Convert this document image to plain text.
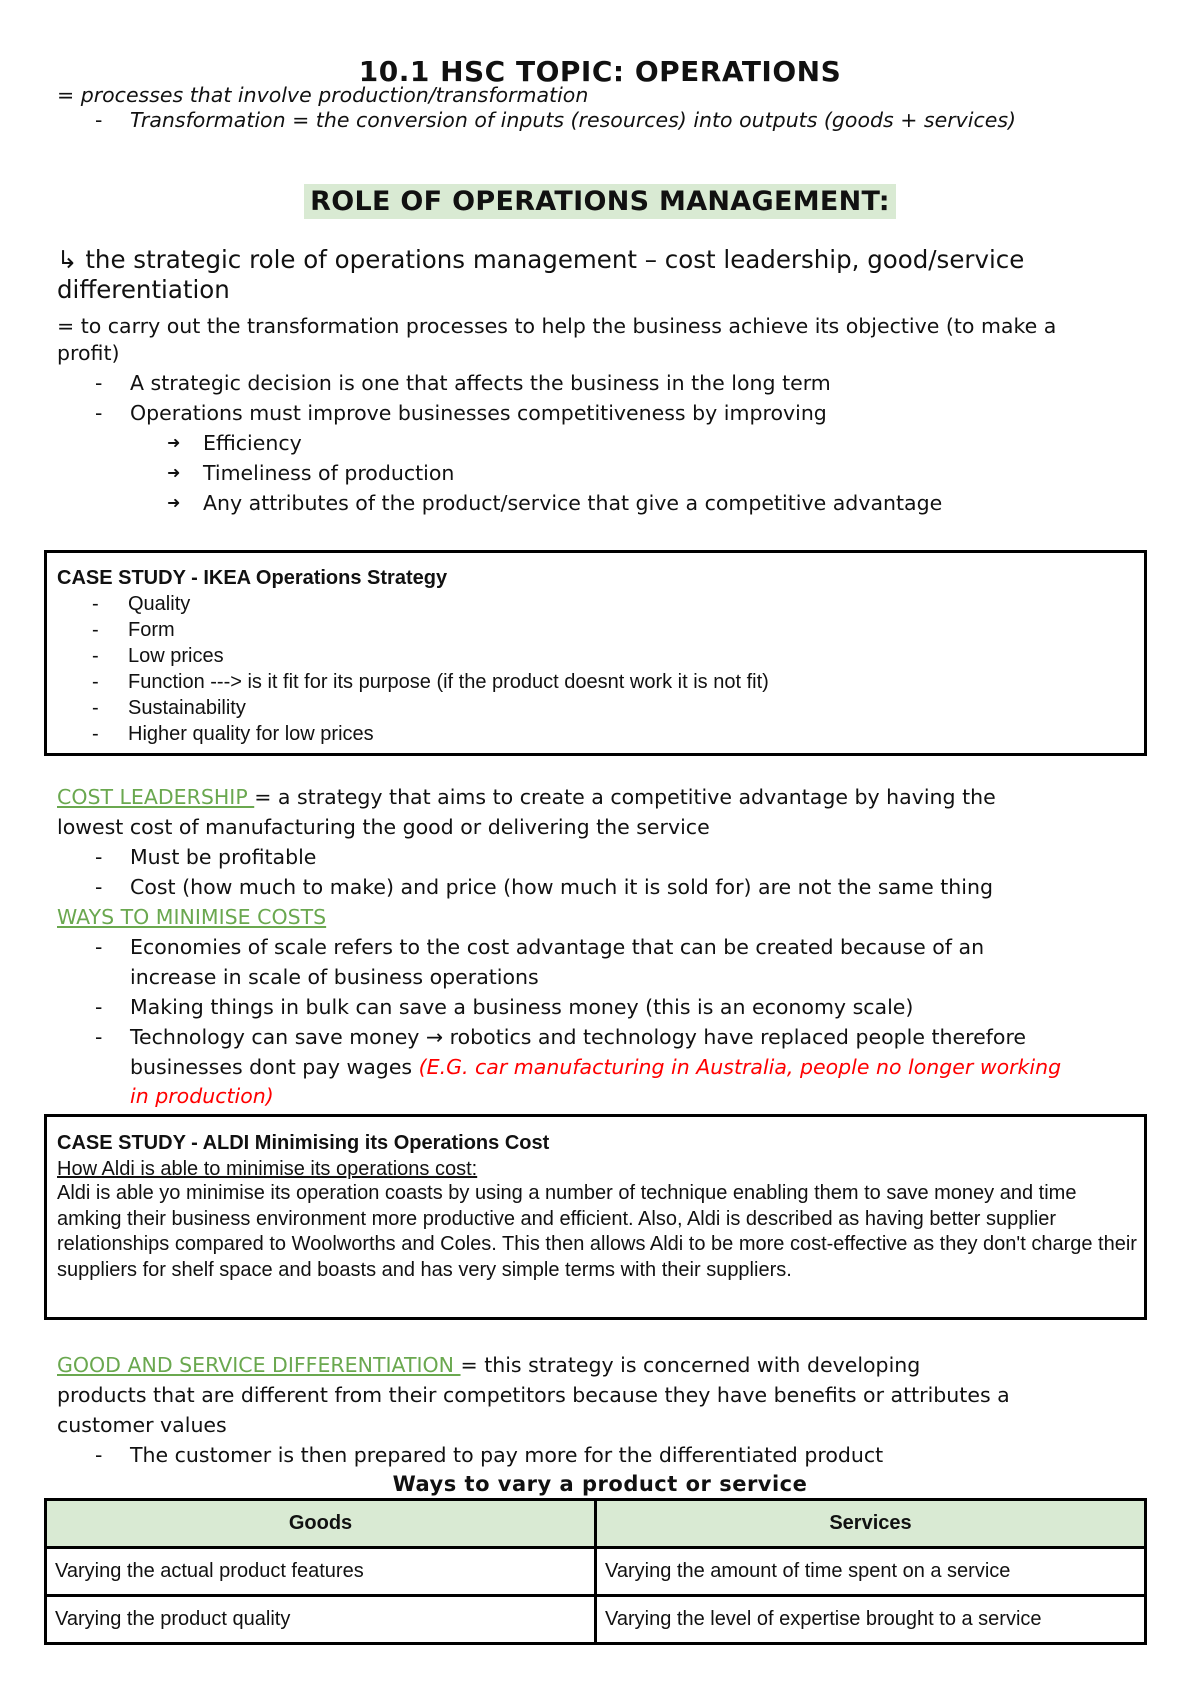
10.1 HSC TOPIC: OPERATIONS
= processes that involve production/transformation
- Transformation = the conversion of inputs (resources) into outputs (goods + services)
ROLE OF OPERATIONS MANAGEMENT:
↳ the strategic role of operations management – cost leadership, good/service differentiation
= to carry out the transformation processes to help the business achieve its objective (to make a
profit)
- A strategic decision is one that affects the business in the long term
- Operations must improve businesses competitiveness by improving
➜ Efficiency
➜ Timeliness of production
➜ Any attributes of the product/service that give a competitive advantage
CASE STUDY - IKEA Operations Strategy
- Quality
- Form
- Low prices
- Function ---> is it fit for its purpose (if the product doesnt work it is not fit)
- Sustainability
- Higher quality for low prices
COST LEADERSHIP = a strategy that aims to create a competitive advantage by having the
lowest cost of manufacturing the good or delivering the service
- Must be profitable
- Cost (how much to make) and price (how much it is sold for) are not the same thing
WAYS TO MINIMISE COSTS
- Economies of scale refers to the cost advantage that can be created because of an
increase in scale of business operations
- Making things in bulk can save a business money (this is an economy scale)
- Technology can save money → robotics and technology have replaced people therefore
businesses dont pay wages (E.G. car manufacturing in Australia, people no longer working
in production)
CASE STUDY - ALDI Minimising its Operations Cost
How Aldi is able to minimise its operations cost:
Aldi is able yo minimise its operation coasts by using a number of technique enabling them to save money and time amking their business environment more productive and efficient. Also, Aldi is described as having better supplier relationships compared to Woolworths and Coles. This then allows Aldi to be more cost-effective as they don't charge their suppliers for shelf space and boasts and has very simple terms with their suppliers.
GOOD AND SERVICE DIFFERENTIATION = this strategy is concerned with developing
products that are different from their competitors because they have benefits or attributes a
customer values
- The customer is then prepared to pay more for the differentiated product
Ways to vary a product or service
Goods	Services
Varying the actual product features	Varying the amount of time spent on a service
Varying the product quality	Varying the level of expertise brought to a service
